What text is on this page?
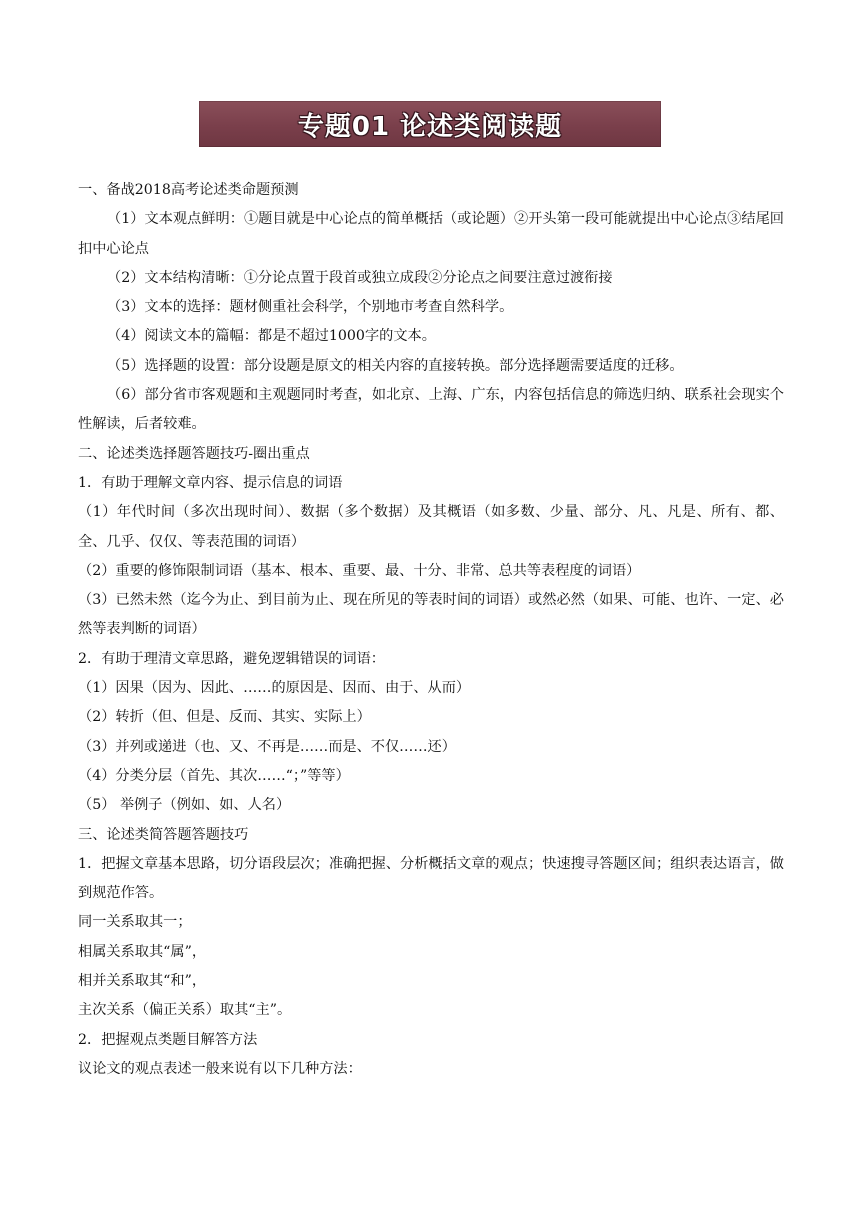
专题01 论述类阅读题

一、备战2018高考论述类命题预测

（1）文本观点鲜明：①题目就是中心论点的简单概括（或论题）②开头第一段可能就提出中心论点③结尾回扣中心论点

（2）文本结构清晰：①分论点置于段首或独立成段②分论点之间要注意过渡衔接

（3）文本的选择：题材侧重社会科学，个别地市考查自然科学。

（4）阅读文本的篇幅：都是不超过1000字的文本。

（5）选择题的设置：部分设题是原文的相关内容的直接转换。部分选择题需要适度的迁移。

（6）部分省市客观题和主观题同时考查，如北京、上海、广东，内容包括信息的筛选归纳、联系社会现实个性解读，后者较难。

二、论述类选择题答题技巧-圈出重点

1．有助于理解文章内容、提示信息的词语

（1）年代时间（多次出现时间）、数据（多个数据）及其概语（如多数、少量、部分、凡、凡是、所有、都、全、几乎、仅仅、等表范围的词语）

（2）重要的修饰限制词语（基本、根本、重要、最、十分、非常、总共等表程度的词语）

（3）已然未然（迄今为止、到目前为止、现在所见的等表时间的词语）或然必然（如果、可能、也许、一定、必然等表判断的词语）

2．有助于理清文章思路，避免逻辑错误的词语：

（1）因果（因为、因此、……的原因是、因而、由于、从而）

（2）转折（但、但是、反而、其实、实际上）

（3）并列或递进（也、又、不再是……而是、不仅……还）

（4）分类分层（首先、其次……“；”等等）

（5） 举例子（例如、如、人名）

三、论述类简答题答题技巧

1．把握文章基本思路，切分语段层次；准确把握、分析概括文章的观点；快速搜寻答题区间；组织表达语言，做到规范作答。

同一关系取其一；

相属关系取其“属”，

相并关系取其“和”，

主次关系（偏正关系）取其“主”。

2．把握观点类题目解答方法

议论文的观点表述一般来说有以下几种方法：
